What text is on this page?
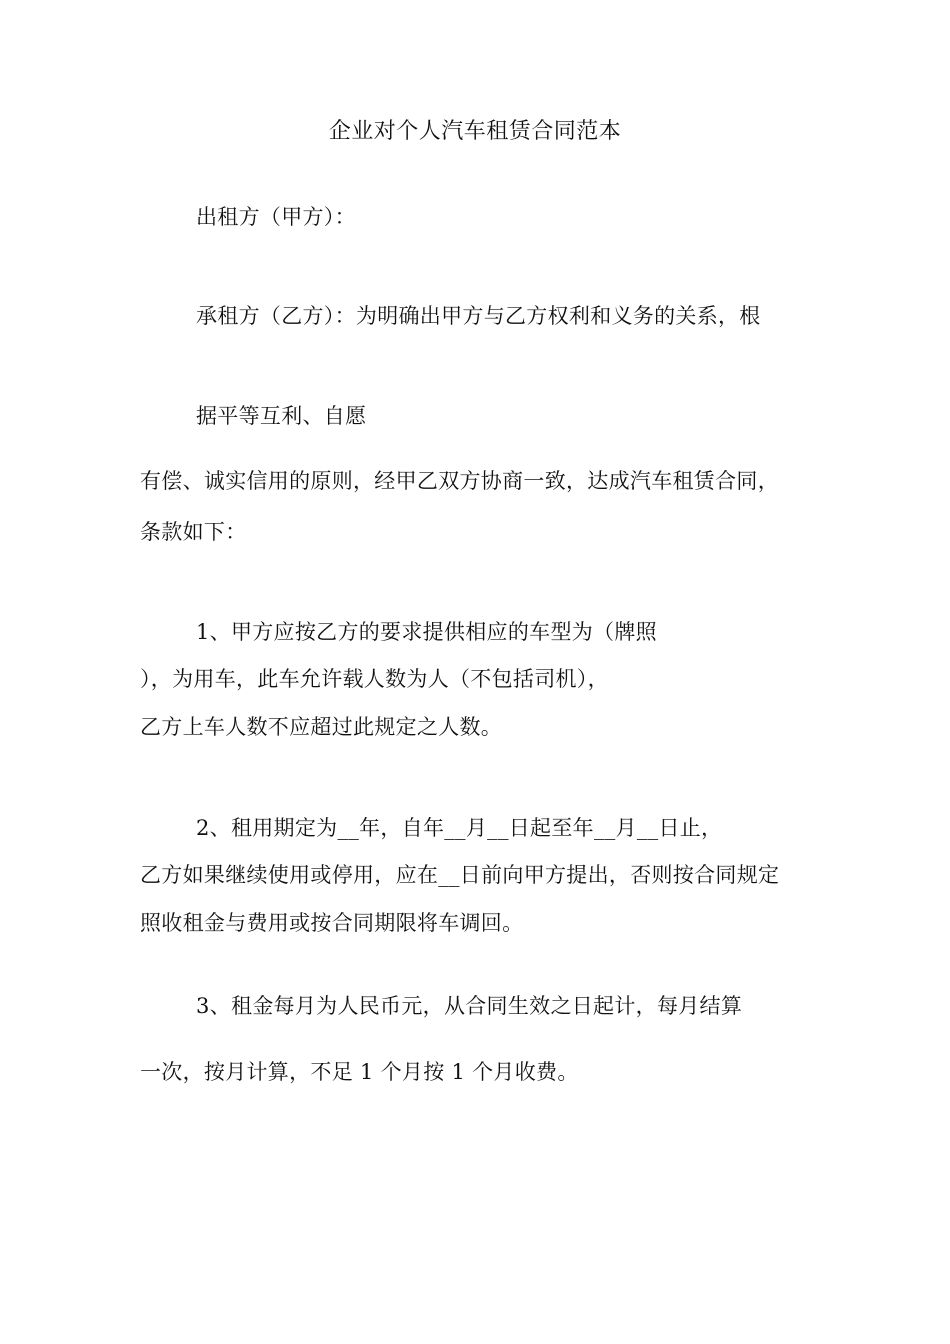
企业对个人汽车租赁合同范本
出租方（甲方）：
承租方（乙方）：为明确出甲方与乙方权利和义务的关系，根
据平等互利、自愿
有偿、诚实信用的原则，经甲乙双方协商一致，达成汽车租赁合同，
条款如下：
1、甲方应按乙方的要求提供相应的车型为（牌照
），为用车，此车允许载人数为人（不包括司机），
乙方上车人数不应超过此规定之人数。
2、租用期定为__年，自年__月__日起至年__月__日止，
乙方如果继续使用或停用，应在__日前向甲方提出，否则按合同规定
照收租金与费用或按合同期限将车调回。
3、租金每月为人民币元，从合同生效之日起计，每月结算
一次，按月计算，不足 1 个月按 1 个月收费。
